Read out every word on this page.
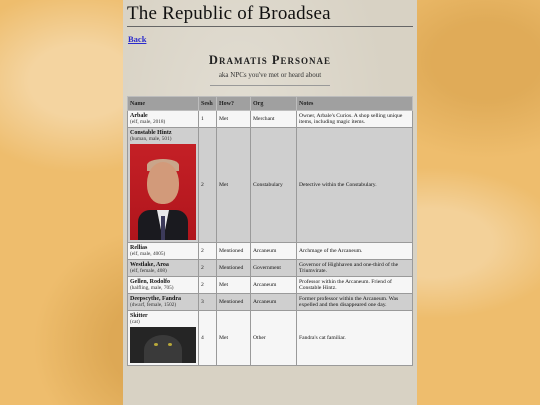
The Republic of Broadsea
Back
Dramatis Personae
aka NPCs you've met or heard about
Name	Sesh	How?	Org	Notes

Arbale
(elf, male, 2018)	1	Met	Merchant	Owner, Arbale's Curios. A shop selling unique items, including magic items.

Constable Hintz
(human, male, 501)	2	Met	Constabulary	Detective within the Constabulary.

Rellias
(elf, male, 4005)	2	Mentioned	Arcaneum	Archmage of the Arcaneum.

Westlake, Aroa
(elf, female, 408)	2	Mentioned	Government	Governor of Highhaven and one-third of the Triumvirate.

Gellen, Rodolfo
(halfling, male, 705)	2	Met	Arcaneum	Professor within the Arcaneum. Friend of Constable Hintz.

Deepscythe, Fandra
(dwarf, female, 1502)	3	Mentioned	Arcaneum	Former professor within the Arcaneum. Was expelled and then disappeared one day.

Skitter
(cat)	4	Met	Other	Fandra's cat familiar.
